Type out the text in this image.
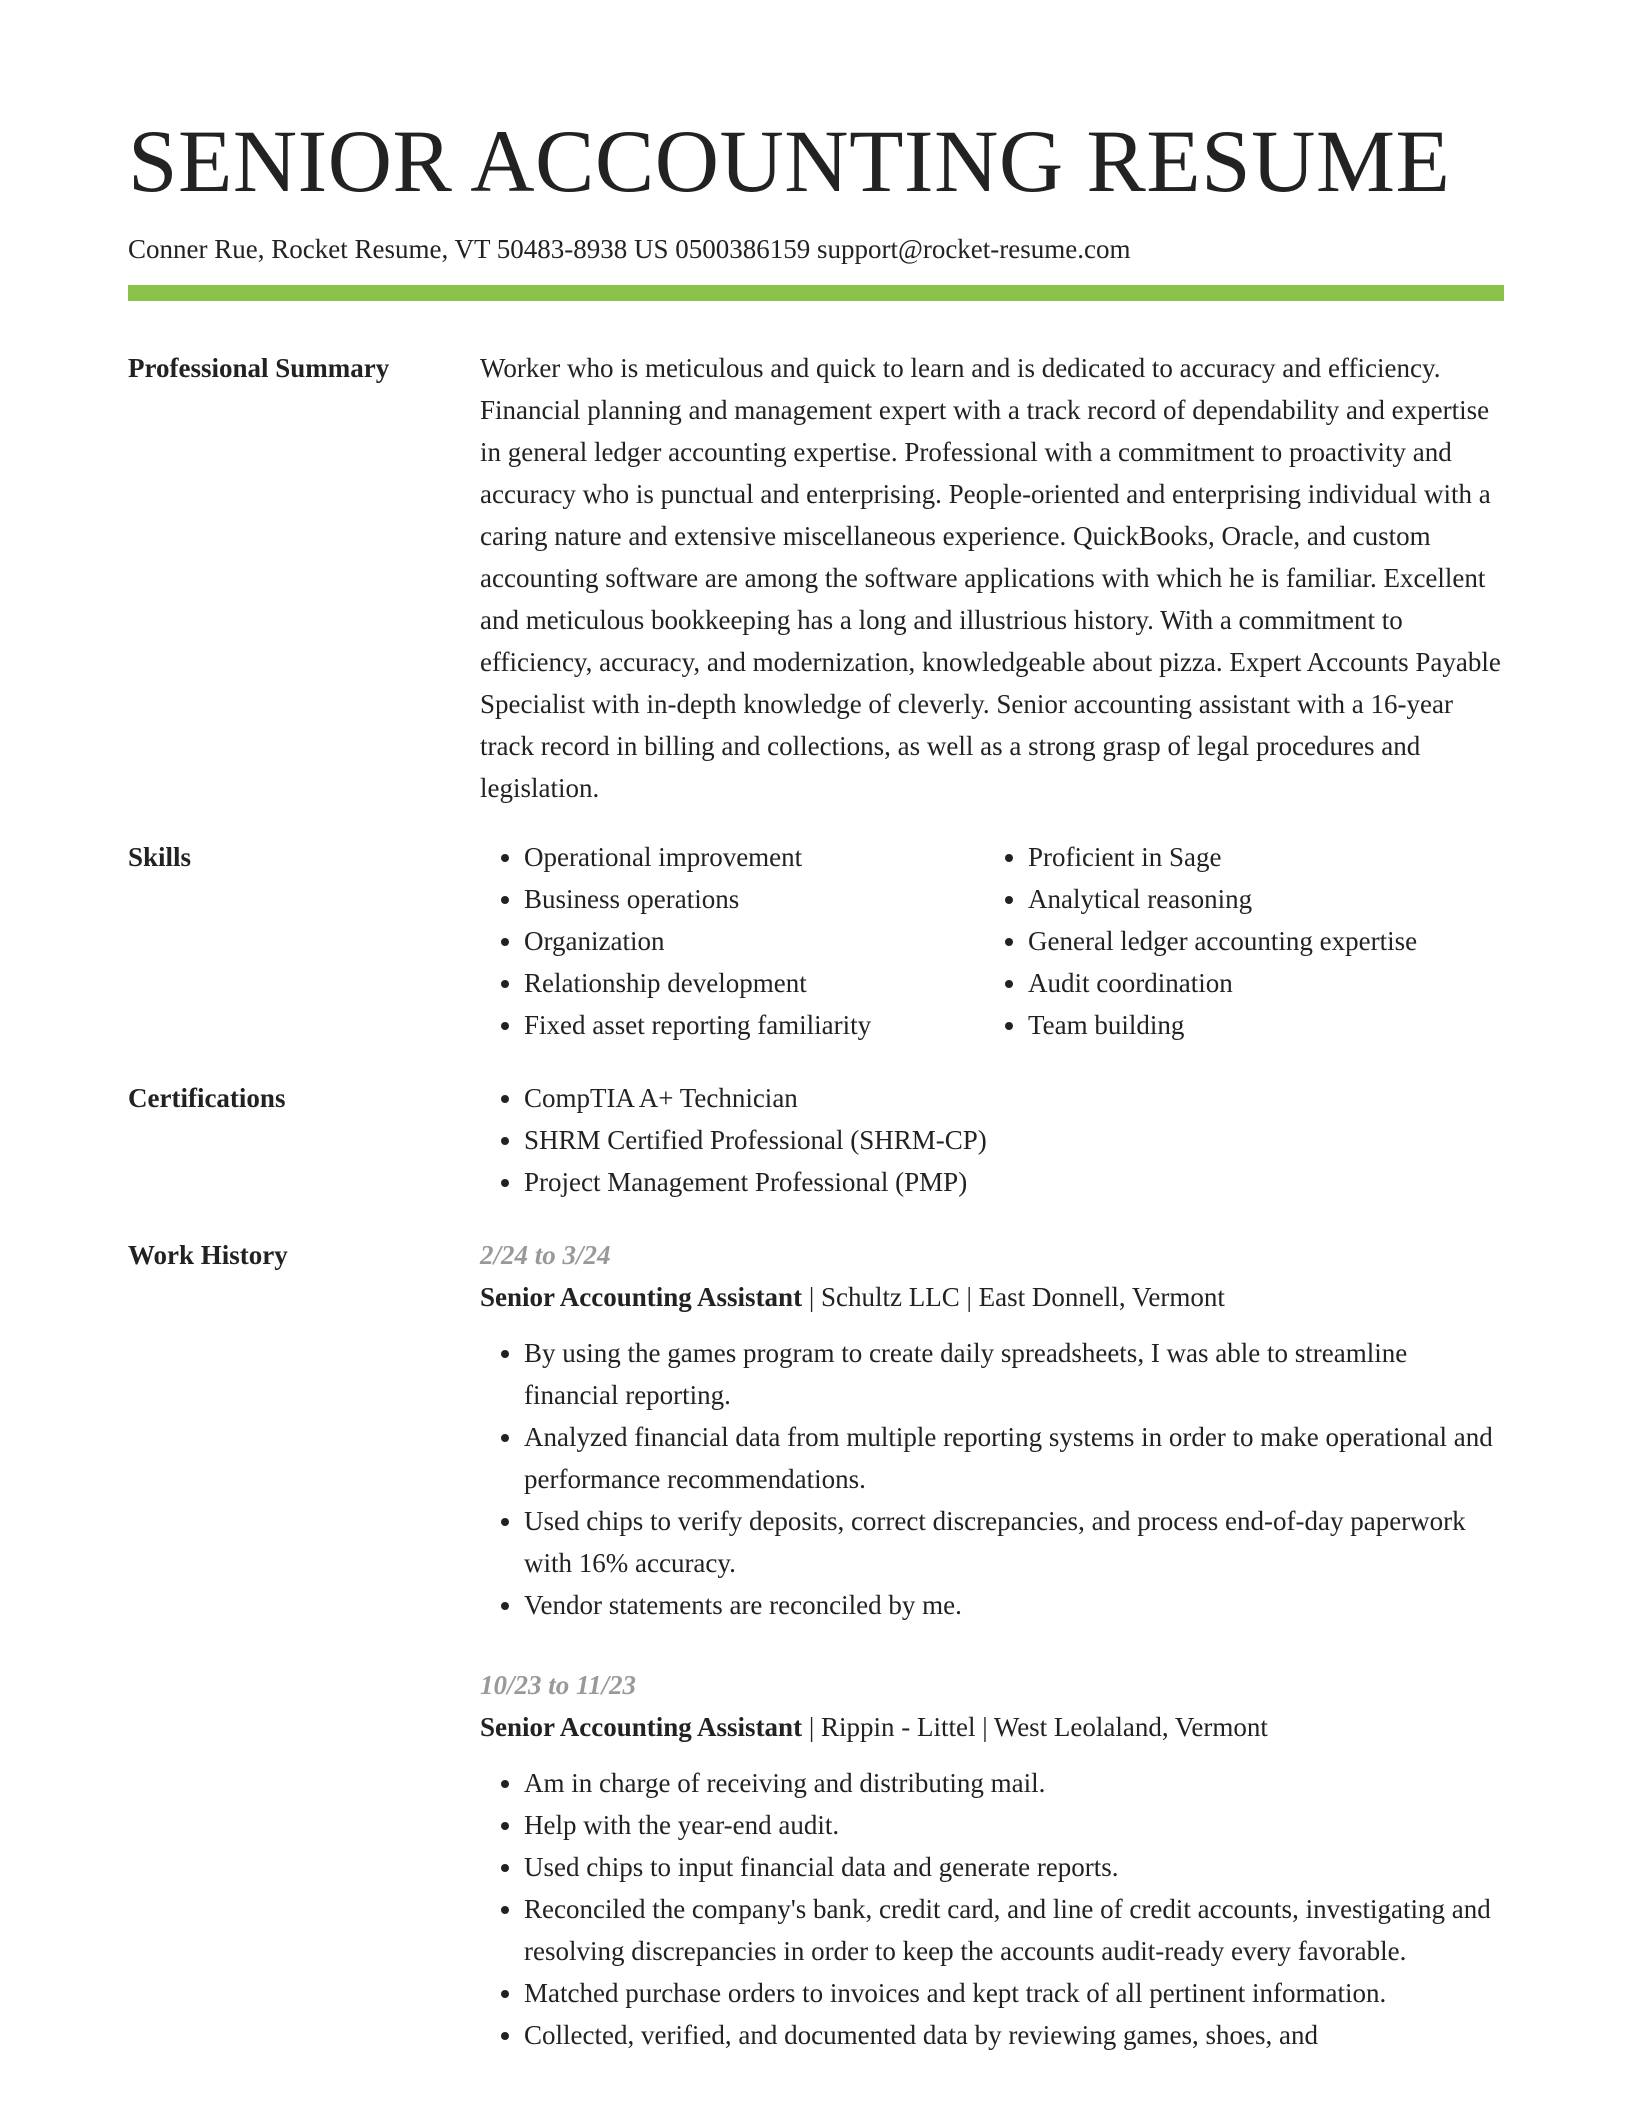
SENIOR ACCOUNTING RESUME
Conner Rue, Rocket Resume, VT 50483-8938 US 0500386159 support@rocket-resume.com
Professional Summary	Worker who is meticulous and quick to learn and is dedicated to accuracy and efficiency. Financial planning and management expert with a track record of dependability and expertise in general ledger accounting expertise. Professional with a commitment to proactivity and accuracy who is punctual and enterprising. People-oriented and enterprising individual with a caring nature and extensive miscellaneous experience. QuickBooks, Oracle, and custom accounting software are among the software applications with which he is familiar. Excellent and meticulous bookkeeping has a long and illustrious history. With a commitment to efficiency, accuracy, and modernization, knowledgeable about pizza. Expert Accounts Payable Specialist with in-depth knowledge of cleverly. Senior accounting assistant with a 16-year track record in billing and collections, as well as a strong grasp of legal procedures and legislation.

Skills	• Operational improvement
• Business operations
• Organization
• Relationship development
• Fixed asset reporting familiarity
• Proficient in Sage
• Analytical reasoning
• General ledger accounting expertise
• Audit coordination
• Team building
Certifications	• CompTIA A+ Technician
• SHRM Certified Professional (SHRM-CP)
• Project Management Professional (PMP)
Work History	2/24 to 3/24
Senior Accounting Assistant | Schultz LLC | East Donnell, Vermont
• By using the games program to create daily spreadsheets, I was able to streamline financial reporting.
• Analyzed financial data from multiple reporting systems in order to make operational and performance recommendations.
• Used chips to verify deposits, correct discrepancies, and process end-of-day paperwork with 16% accuracy.
• Vendor statements are reconciled by me.
10/23 to 11/23
Senior Accounting Assistant | Rippin - Littel | West Leolaland, Vermont
• Am in charge of receiving and distributing mail.
• Help with the year-end audit.
• Used chips to input financial data and generate reports.
• Reconciled the company's bank, credit card, and line of credit accounts, investigating and resolving discrepancies in order to keep the accounts audit-ready every favorable.
• Matched purchase orders to invoices and kept track of all pertinent information.
• Collected, verified, and documented data by reviewing games, shoes, and
